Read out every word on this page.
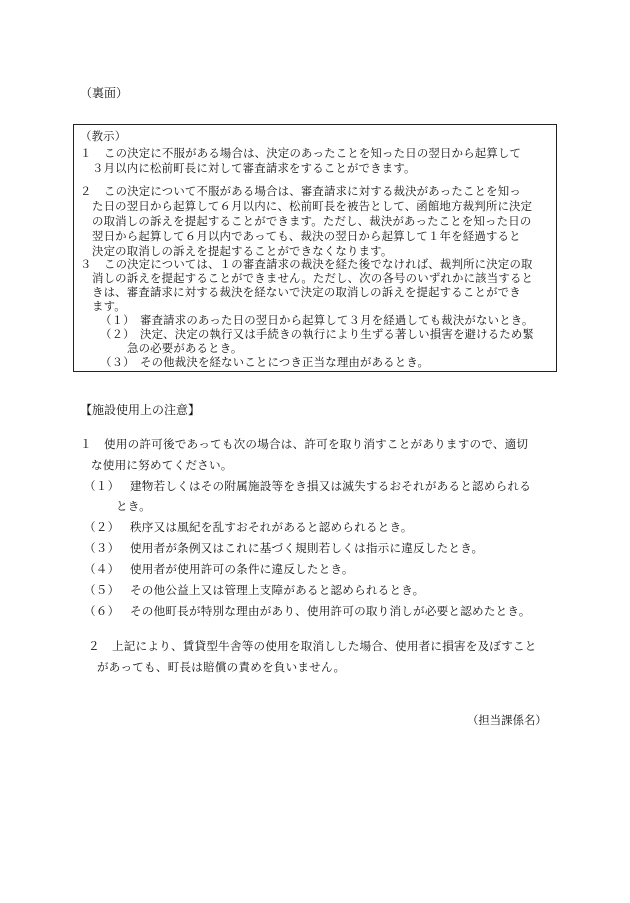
（裏面）
（教示）
１ この決定に不服がある場合は、決定のあったことを知った日の翌日から起算して
３月以内に松前町長に対して審査請求をすることができます。
２ この決定について不服がある場合は、審査請求に対する裁決があったことを知っ
た日の翌日から起算して６月以内に、松前町長を被告として、函館地方裁判所に決定
の取消しの訴えを提起することができます。ただし、裁決があったことを知った日の
翌日から起算して６月以内であっても、裁決の翌日から起算して１年を経過すると
決定の取消しの訴えを提起することができなくなります。
３ この決定については、１の審査請求の裁決を経た後でなければ、裁判所に決定の取
消しの訴えを提起することができません。ただし、次の各号のいずれかに該当すると
きは、審査請求に対する裁決を経ないで決定の取消しの訴えを提起することができ
ます。
（１） 審査請求のあった日の翌日から起算して３月を経過しても裁決がないとき。
（２） 決定、決定の執行又は手続きの執行により生ずる著しい損害を避けるため緊
急の必要があるとき。
【施設使用上の注意】
１ 使用の許可後であっても次の場合は、許可を取り消すことがありますので、適切
な使用に努めてください。
（１） 建物若しくはその附属施設等をき損又は滅失するおそれがあると認められる
とき。
（２） 秩序又は風紀を乱すおそれがあると認められるとき。
（３） 使用者が条例又はこれに基づく規則若しくは指示に違反したとき。
（４） 使用者が使用許可の条件に違反したとき。
（５） その他公益上又は管理上支障があると認められるとき。
（６） その他町長が特別な理由があり、使用許可の取り消しが必要と認めたとき。
２ 上記により、賃貸型牛舎等の使用を取消しした場合、使用者に損害を及ぼすこと
があっても、町長は賠償の責めを負いません。
（担当課係名）
（３） その他裁決を経ないことにつき正当な理由があるとき。
